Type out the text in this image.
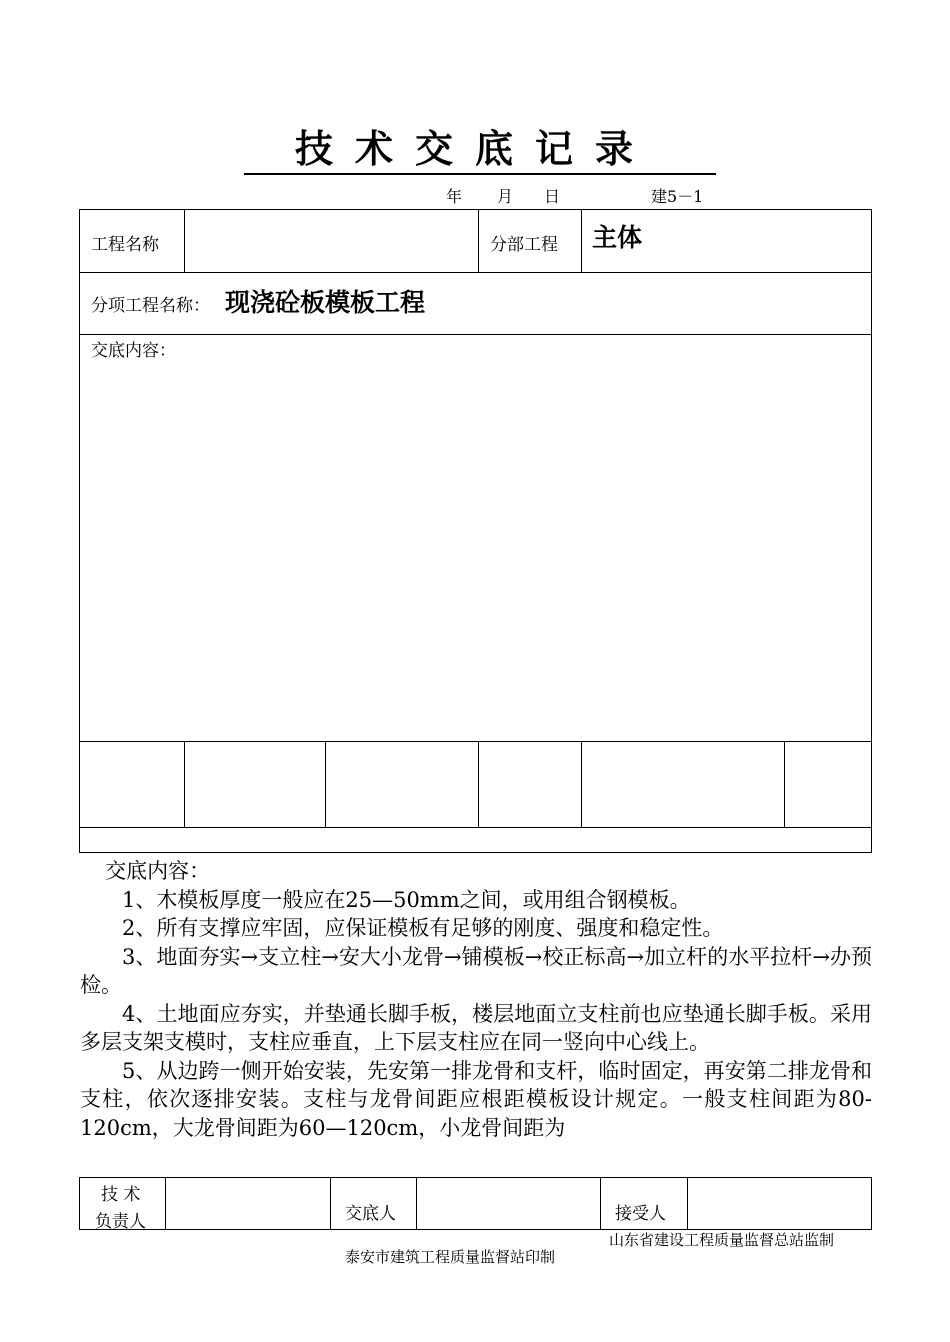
技术交底记录
年 月 日	建5－1
工程名称	分部工程 主体
分项工程名称： 现浇砼板模板工程
交底内容：

交底内容：

1、木模板厚度一般应在25—50mm之间，或用组合钢模板。

2、所有支撑应牢固，应保证模板有足够的刚度、强度和稳定性。

3、地面夯实→支立柱→安大小龙骨→铺模板→校正标高→加立杆的水平拉杆→办预检。

4、土地面应夯实，并垫通长脚手板，楼层地面立支柱前也应垫通长脚手板。采用多层支架支模时，支柱应垂直，上下层支柱应在同一竖向中心线上。

5、从边跨一侧开始安装，先安第一排龙骨和支杆，临时固定，再安第二排龙骨和支柱，依次逐排安装。支柱与龙骨间距应根距模板设计规定。一般支柱间距为80-120cm，大龙骨间距为60—120cm，小龙骨间距为

技 术
负责人	交底人	接受人
山东省建设工程质量监督总站监制
泰安市建筑工程质量监督站印制
